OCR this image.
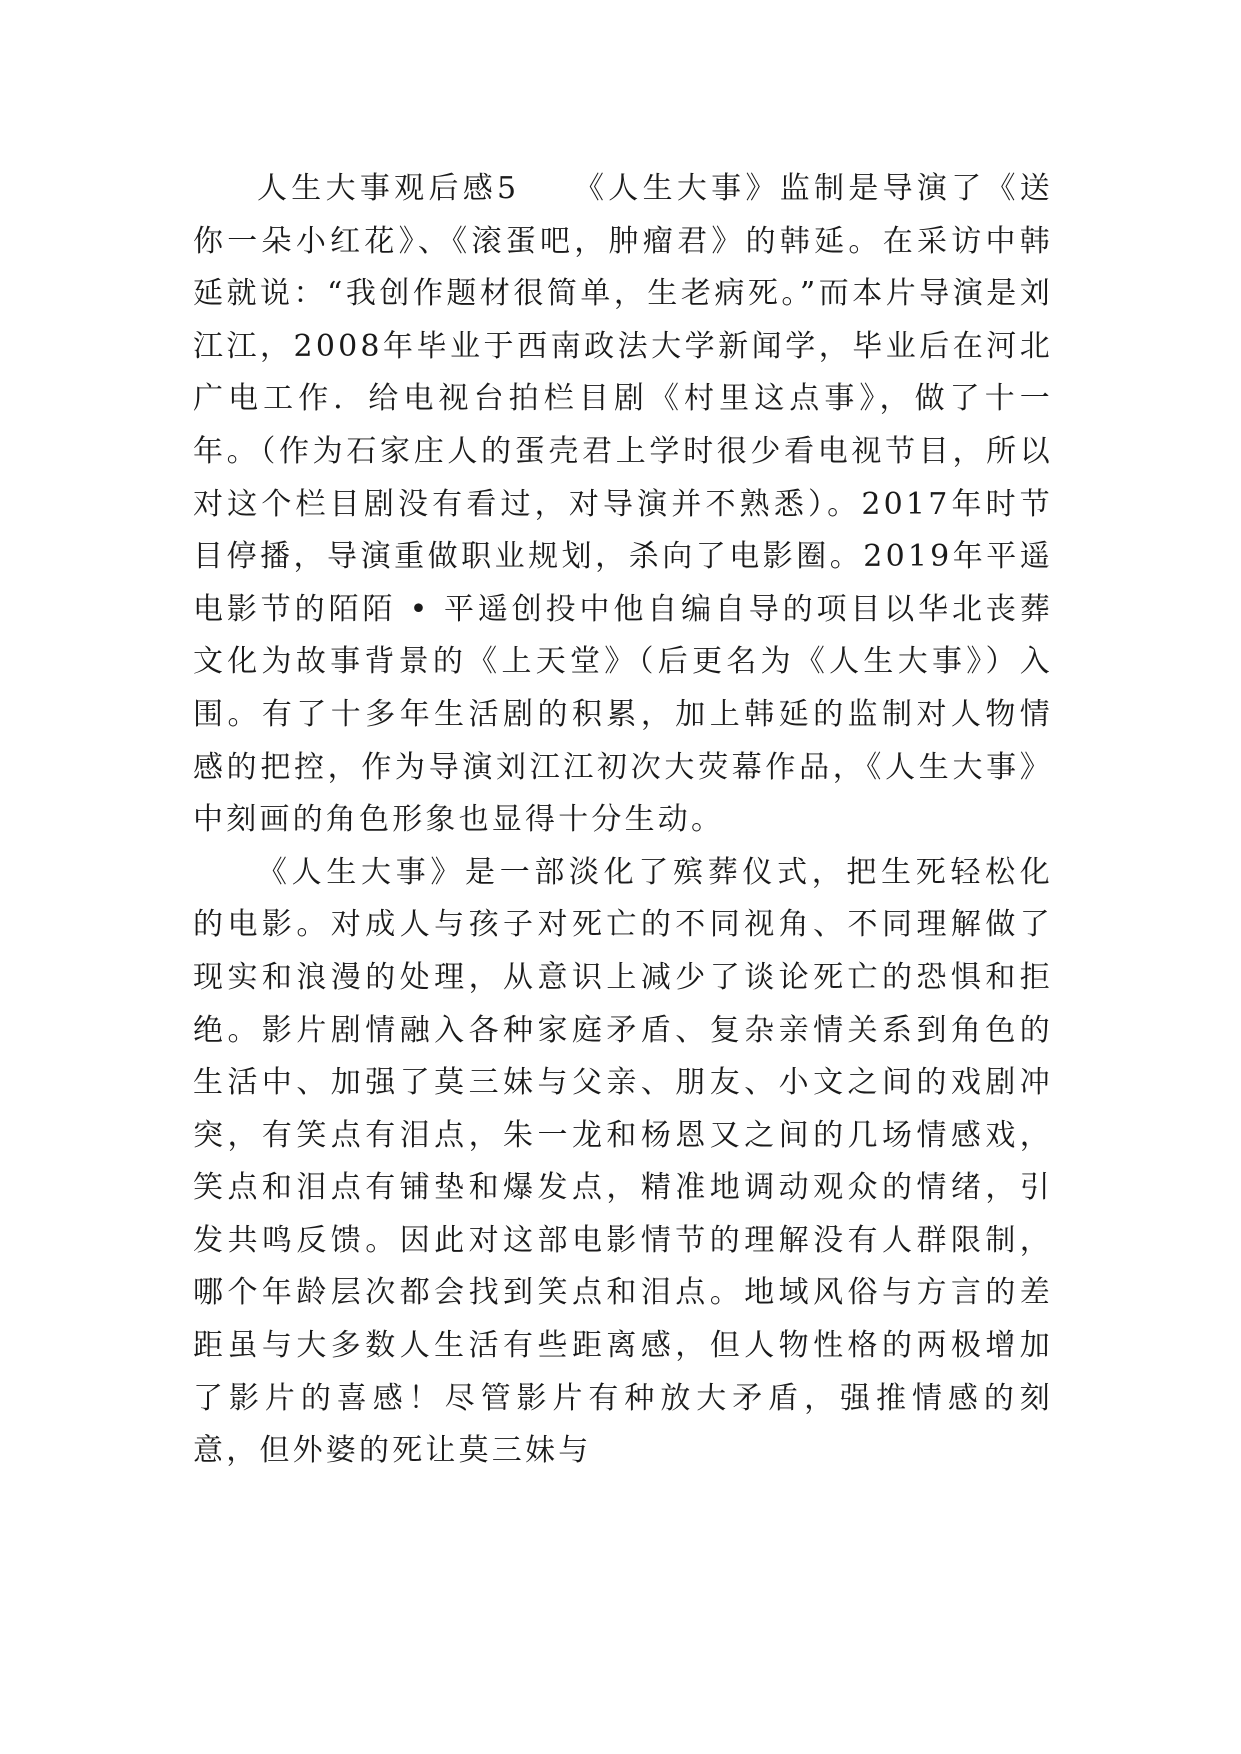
人生大事观后感5　　《人生大事》监制是导演了《送你一朵小红花》、《滚蛋吧，肿瘤君》的韩延。在采访中韩延就说：“我创作题材很简单，生老病死。”而本片导演是刘江江，2008年毕业于西南政法大学新闻学，毕业后在河北广电工作．给电视台拍栏目剧《村里这点事》，做了十一年。（作为石家庄人的蛋壳君上学时很少看电视节目，所以对这个栏目剧没有看过，对导演并不熟悉）。2017年时节目停播，导演重做职业规划，杀向了电影圈。2019年平遥电影节的陌陌 • 平遥创投中他自编自导的项目以华北丧葬文化为故事背景的《上天堂》（后更名为《人生大事》）入围。有了十多年生活剧的积累，加上韩延的监制对人物情感的把控，作为导演刘江江初次大荧幕作品，《人生大事》中刻画的角色形象也显得十分生动。

《人生大事》是一部淡化了殡葬仪式，把生死轻松化的电影。对成人与孩子对死亡的不同视角、不同理解做了现实和浪漫的处理，从意识上减少了谈论死亡的恐惧和拒绝。影片剧情融入各种家庭矛盾、复杂亲情关系到角色的生活中、加强了莫三妹与父亲、朋友、小文之间的戏剧冲突，有笑点有泪点，朱一龙和杨恩又之间的几场情感戏，笑点和泪点有铺垫和爆发点，精准地调动观众的情绪，引发共鸣反馈。因此对这部电影情节的理解没有人群限制，哪个年龄层次都会找到笑点和泪点。地域风俗与方言的差距虽与大多数人生活有些距离感，但人物性格的两极增加了影片的喜感！尽管影片有种放大矛盾，强推情感的刻意，但外婆的死让莫三妹与
